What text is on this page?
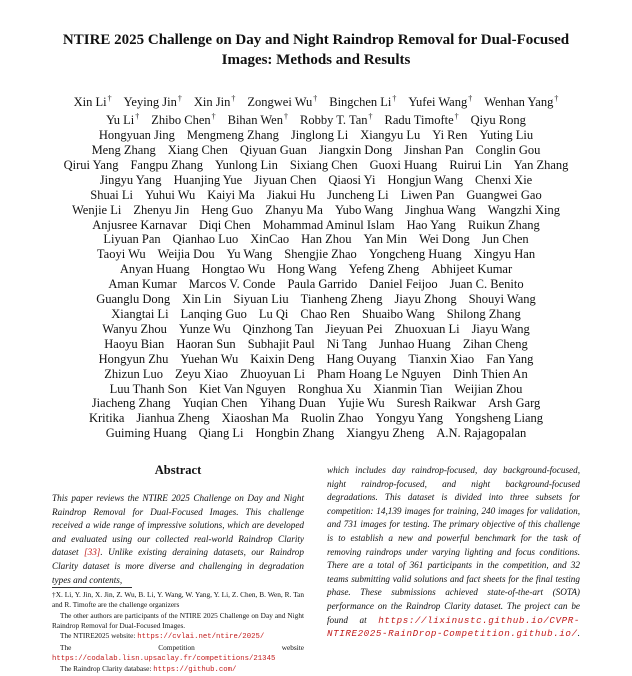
NTIRE 2025 Challenge on Day and Night Raindrop Removal for Dual-Focused Images: Methods and Results
Xin Li† Yeying Jin† Xin Jin† Zongwei Wu† Bingchen Li† Yufei Wang† Wenhan Yang†
Yu Li† Zhibo Chen† Bihan Wen† Robby T. Tan† Radu Timofte† Qiyu Rong
Hongyuan Jing Mengmeng Zhang Jinglong Li Xiangyu Lu Yi Ren Yuting Liu
Meng Zhang Xiang Chen Qiyuan Guan Jiangxin Dong Jinshan Pan Conglin Gou
Qirui Yang Fangpu Zhang Yunlong Lin Sixiang Chen Guoxi Huang Ruirui Lin Yan Zhang
Jingyu Yang Huanjing Yue Jiyuan Chen Qiaosi Yi Hongjun Wang Chenxi Xie
Shuai Li Yuhui Wu Kaiyi Ma Jiakui Hu Juncheng Li Liwen Pan Guangwei Gao
Wenjie Li Zhenyu Jin Heng Guo Zhanyu Ma Yubo Wang Jinghua Wang Wangzhi Xing
Anjusree Karnavar Diqi Chen Mohammad Aminul Islam Hao Yang Ruikun Zhang
Liyuan Pan Qianhao Luo XinCao Han Zhou Yan Min Wei Dong Jun Chen
Taoyi Wu Weijia Dou Yu Wang Shengjie Zhao Yongcheng Huang Xingyu Han
Anyan Huang Hongtao Wu Hong Wang Yefeng Zheng Abhijeet Kumar
Aman Kumar Marcos V. Conde Paula Garrido Daniel Feijoo Juan C. Benito
Guanglu Dong Xin Lin Siyuan Liu Tianheng Zheng Jiayu Zhong Shouyi Wang
Xiangtai Li Lanqing Guo Lu Qi Chao Ren Shuaibo Wang Shilong Zhang
Wanyu Zhou Yunze Wu Qinzhong Tan Jieyuan Pei Zhuoxuan Li Jiayu Wang
Haoyu Bian Haoran Sun Subhajit Paul Ni Tang Junhao Huang Zihan Cheng
Hongyun Zhu Yuehan Wu Kaixin Deng Hang Ouyang Tianxin Xiao Fan Yang
Zhizun Luo Zeyu Xiao Zhuoyuan Li Pham Hoang Le Nguyen Dinh Thien An
Luu Thanh Son Kiet Van Nguyen Ronghua Xu Xianmin Tian Weijian Zhou
Jiacheng Zhang Yuqian Chen Yihang Duan Yujie Wu Suresh Raikwar Arsh Garg
Kritika Jianhua Zheng Xiaoshan Ma Ruolin Zhao Yongyu Yang Yongsheng Liang
Guiming Huang Qiang Li Hongbin Zhang Xiangyu Zheng A.N. Rajagopalan
Abstract
This paper reviews the NTIRE 2025 Challenge on Day and Night Raindrop Removal for Dual-Focused Images. This challenge received a wide range of impressive solutions, which are developed and evaluated using our collected real-world Raindrop Clarity dataset [33]. Unlike existing deraining datasets, our Raindrop Clarity dataset is more diverse and challenging in degradation types and contents,

†X. Li, Y. Jin, X. Jin, Z. Wu, B. Li, Y. Wang, W. Yang, Y. Li, Z. Chen, B. Wen, R. Tan and R. Timofte are the challenge organizers

The other authors are participants of the NTIRE 2025 Challenge on Day and Night Raindrop Removal for Dual-Focused Images.

The NTIRE2025 website: https://cvlai.net/ntire/2025/

The Competition website https://codalab.lisn.upsaclay.fr/competitions/21345

The Raindrop Clarity database: https://github.com/

which includes day raindrop-focused, day background-focused, night raindrop-focused, and night background-focused degradations. This dataset is divided into three subsets for competition: 14,139 images for training, 240 images for validation, and 731 images for testing. The primary objective of this challenge is to establish a new and powerful benchmark for the task of removing raindrops under varying lighting and focus conditions. There are a total of 361 participants in the competition, and 32 teams submitting valid solutions and fact sheets for the final testing phase. These submissions achieved state-of-the-art (SOTA) performance on the Raindrop Clarity dataset. The project can be found at https://lixinustc.github.io/CVPR-NTIRE2025-RainDrop-Competition.github.io/.
